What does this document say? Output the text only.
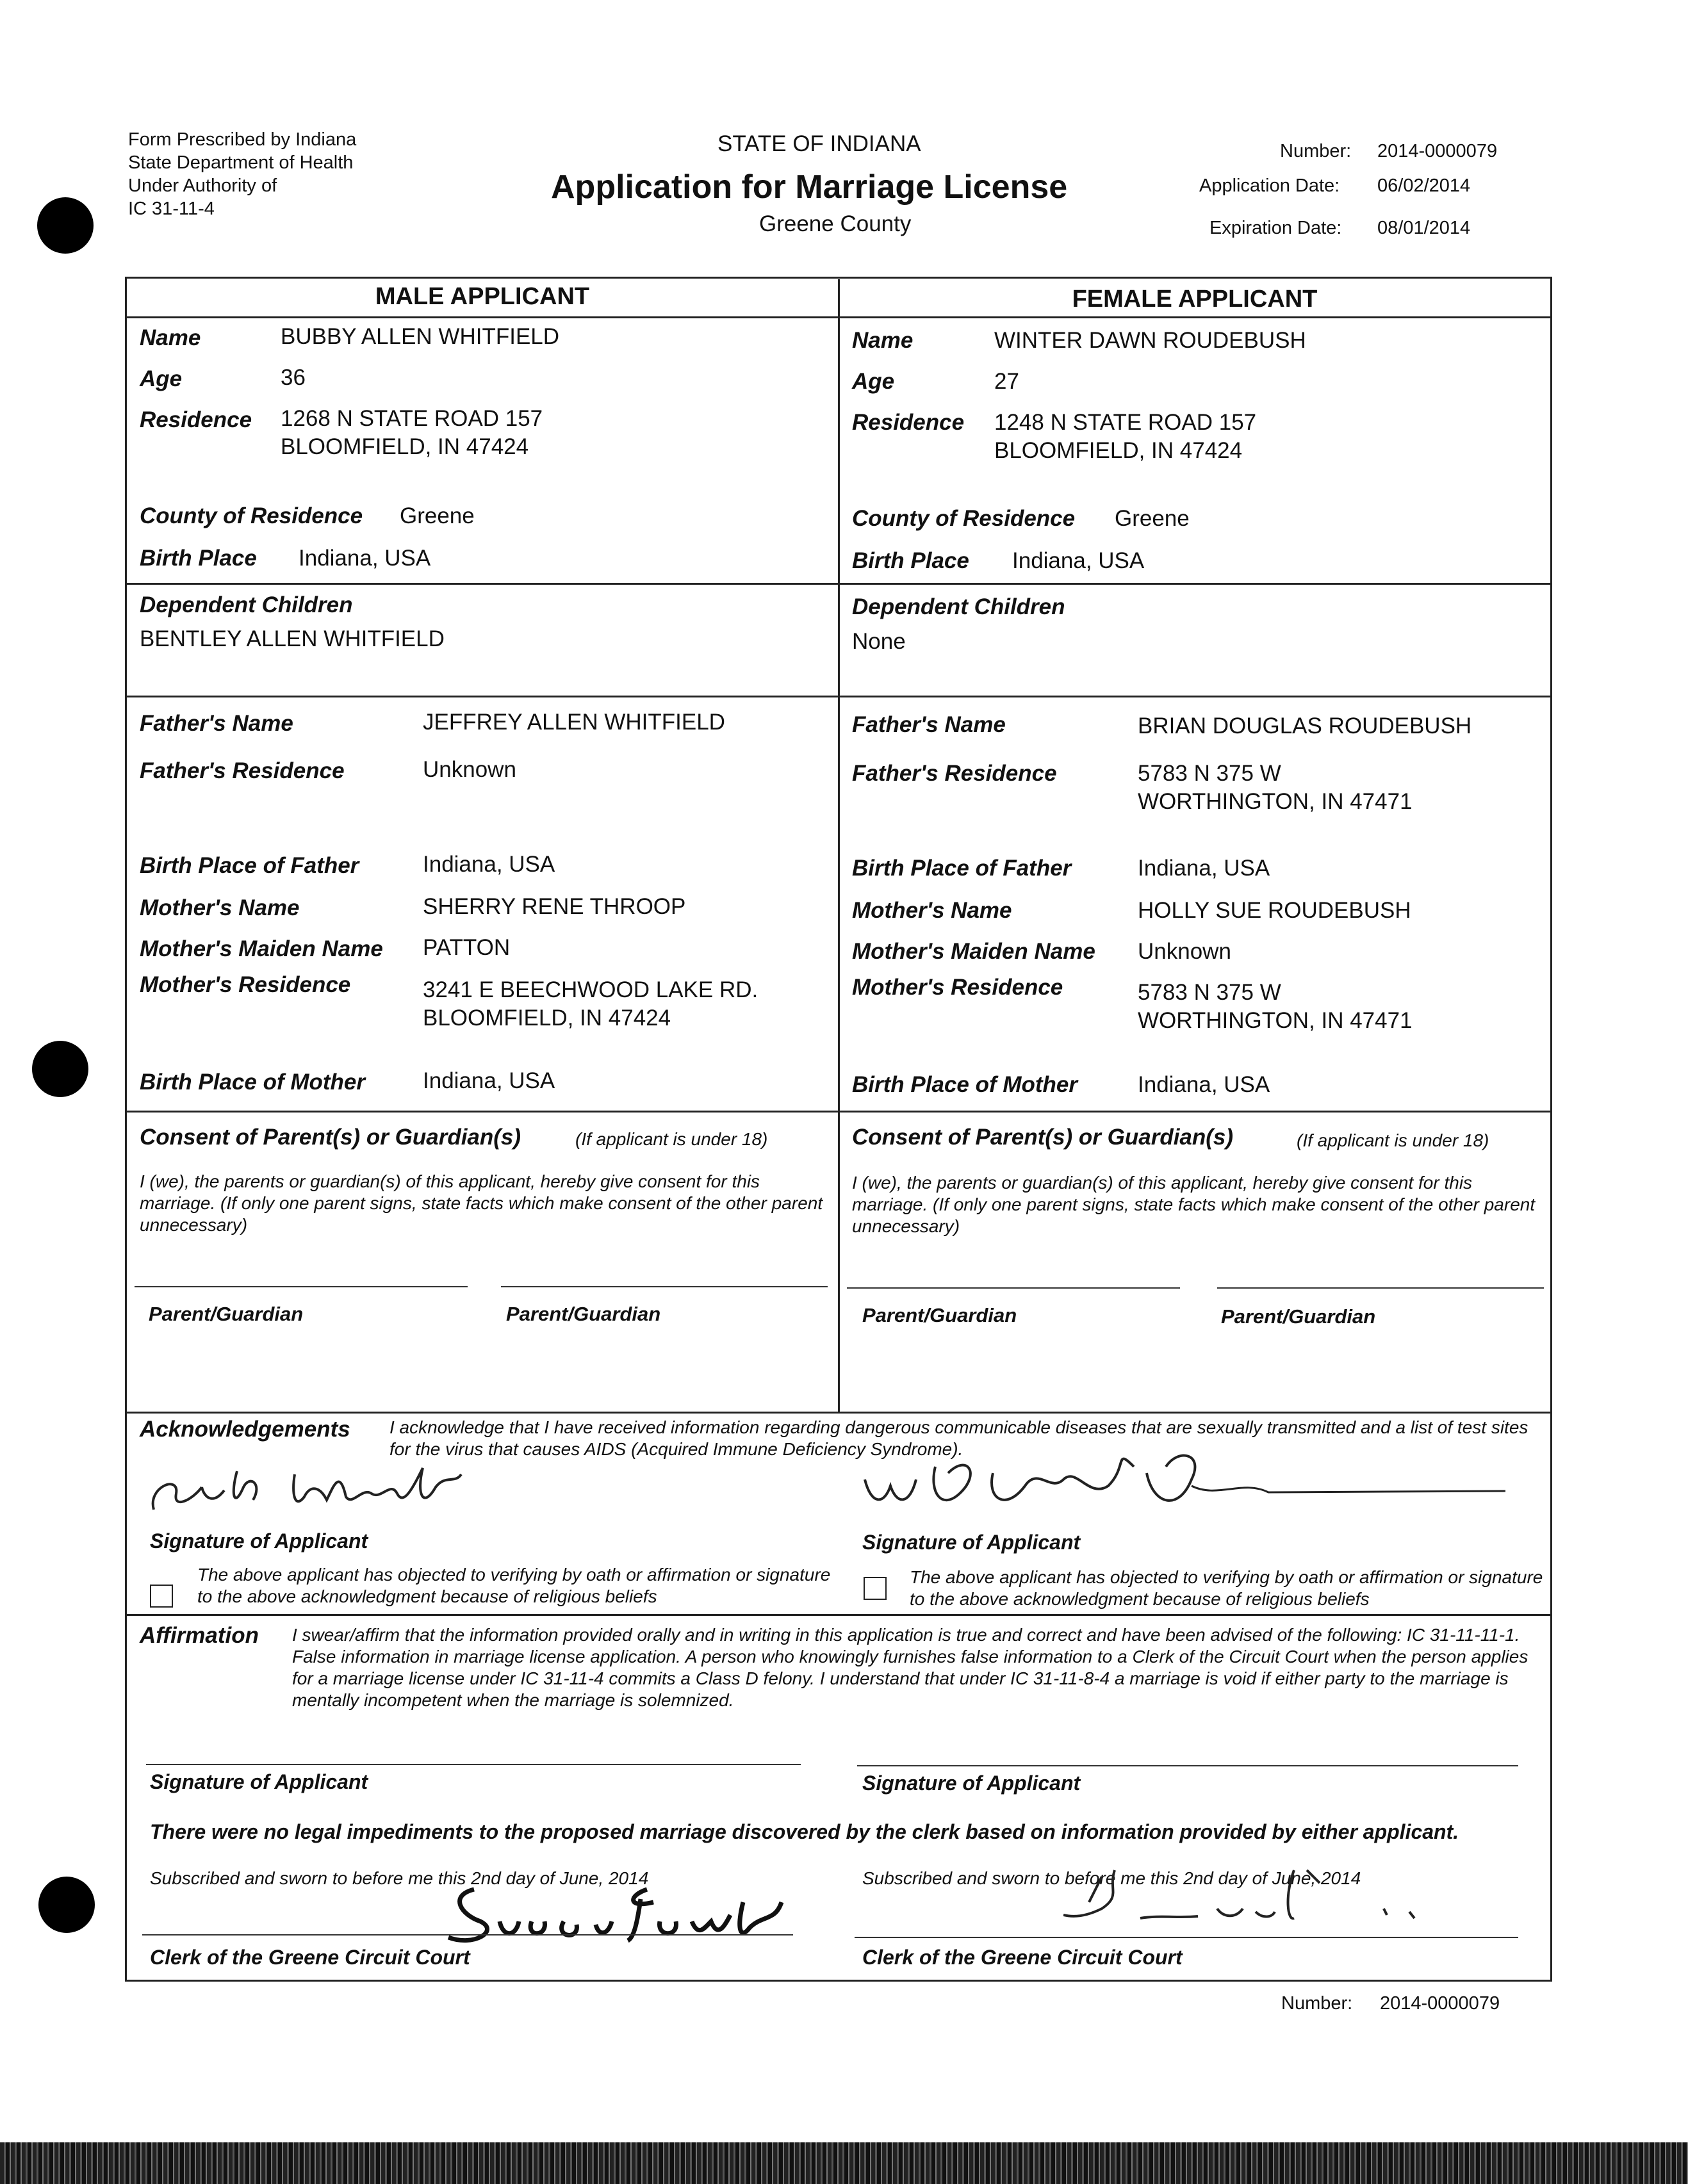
Form Prescribed by Indiana
State Department of Health
Under Authority of
IC 31-11-4
STATE OF INDIANA
Application for Marriage License
Greene County
Number: 2014-0000079
Application Date: 06/02/2014
Expiration Date: 08/01/2014
MALE APPLICANT	FEMALE APPLICANT
Name	BUBBY ALLEN WHITFIELD
Age	36
Residence 1268 N STATE ROAD 157
BLOOMFIELD, IN 47424
County of Residence Greene
Birth Place Indiana, USA
Dependent Children
BENTLEY ALLEN WHITFIELD
Father's Name	JEFFREY ALLEN WHITFIELD
Father's Residence	Unknown
Birth Place of Father	Indiana, USA
Mother's Name	SHERRY RENE THROOP
Mother's Maiden Name PATTON
Mother's Residence	3241 E BEECHWOOD LAKE RD.
BLOOMFIELD, IN 47424
Birth Place of Mother	Indiana, USA
Consent of Parent(s) or Guardian(s)	(If applicant is under 18)
I (we), the parents or guardian(s) of this applicant, hereby give consent for this marriage. (If only one parent signs, state facts which make consent of the other parent unnecessary)
Parent/Guardian	Parent/Guardian
Name	WINTER DAWN ROUDEBUSH
Age	27
Residence 1248 N STATE ROAD 157
BLOOMFIELD, IN 47424
County of Residence Greene
Birth Place Indiana, USA
Dependent Children
None
Father's Name	BRIAN DOUGLAS ROUDEBUSH
Father's Residence	5783 N 375 W
WORTHINGTON, IN 47471
Birth Place of Father	Indiana, USA
Mother's Name	HOLLY SUE ROUDEBUSH
Mother's Maiden Name Unknown
Mother's Residence	5783 N 375 W
WORTHINGTON, IN 47471
Birth Place of Mother	Indiana, USA
Consent of Parent(s) or Guardian(s)	(If applicant is under 18)
I (we), the parents or guardian(s) of this applicant, hereby give consent for this marriage. (If only one parent signs, state facts which make consent of the other parent unnecessary)
Parent/Guardian	Parent/Guardian
Acknowledgements I acknowledge that I have received information regarding dangerous communicable diseases that are sexually transmitted and a list of test sites for the virus that causes AIDS (Acquired Immune Deficiency Syndrome).
Signature of Applicant	Signature of Applicant
The above applicant has objected to verifying by oath or affirmation or signature to the above acknowledgment because of religious beliefs
The above applicant has objected to verifying by oath or affirmation or signature to the above acknowledgment because of religious beliefs
Affirmation I swear/affirm that the information provided orally and in writing in this application is true and correct and have been advised of the following: IC 31-11-11-1. False information in marriage license application. A person who knowingly furnishes false information to a Clerk of the Circuit Court when the person applies for a marriage license under IC 31-11-4 commits a Class D felony. I understand that under IC 31-11-8-4 a marriage is void if either party to the marriage is mentally incompetent when the marriage is solemnized.
Signature of Applicant	Signature of Applicant
There were no legal impediments to the proposed marriage discovered by the clerk based on information provided by either applicant.
Subscribed and sworn to before me this 2nd day of June, 2014	Subscribed and sworn to before me this 2nd day of June, 2014
Clerk of the Greene Circuit Court	Clerk of the Greene Circuit Court
Number: 2014-0000079
